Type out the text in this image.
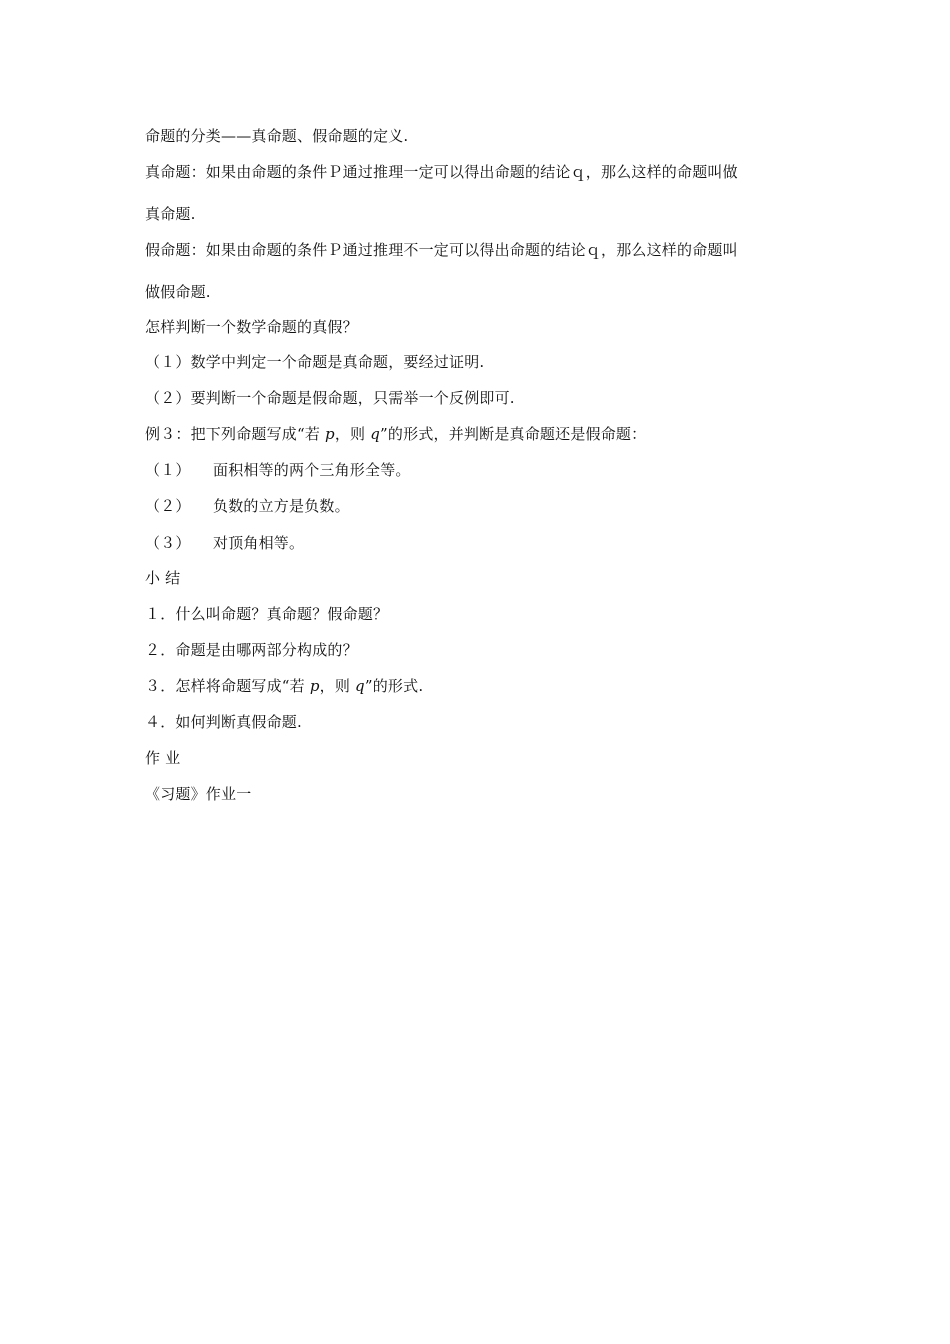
命题的分类——真命题、假命题的定义.
真命题：如果由命题的条件Ｐ通过推理一定可以得出命题的结论ｑ，那么这样的命题叫做
真命题.
假命题：如果由命题的条件Ｐ通过推理不一定可以得出命题的结论ｑ，那么这样的命题叫
做假命题.
怎样判断一个数学命题的真假？
（１）数学中判定一个命题是真命题，要经过证明.
（２）要判断一个命题是假命题，只需举一个反例即可.
例３：把下列命题写成“若 p，则 q”的形式，并判断是真命题还是假命题：
（１） 面积相等的两个三角形全等。
（２） 负数的立方是负数。
（３） 对顶角相等。
小 结
１．什么叫命题？真命题？假命题？
２．命题是由哪两部分构成的？
３．怎样将命题写成“若 p，则 q”的形式.
４．如何判断真假命题.
作 业
《习题》作业一
